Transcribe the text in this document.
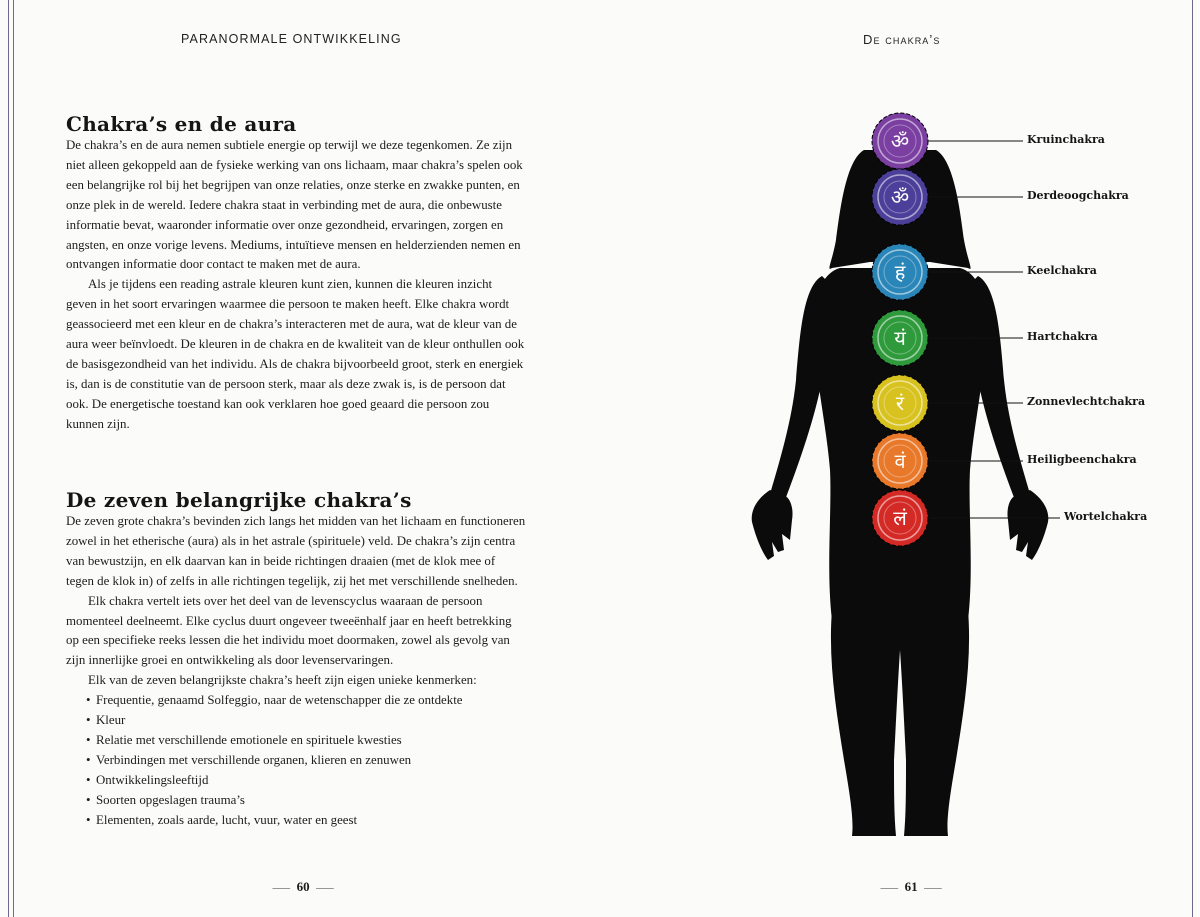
PARANORMALE ONTWIKKELING
Chakra’s en de aura

De chakra’s en de aura nemen subtiele energie op terwijl we deze tegenkomen. Ze zijn niet alleen gekoppeld aan de fysieke werking van ons lichaam, maar chakra’s spelen ook een belangrijke rol bij het begrijpen van onze relaties, onze sterke en zwakke punten, en onze plek in de wereld. Iedere chakra staat in verbinding met de aura, die onbewuste informatie bevat, waaronder informatie over onze gezondheid, ervaringen, zorgen en angsten, en onze vorige levens. Mediums, intuïtieve mensen en helderzienden nemen en ontvangen informatie door contact te maken met de aura.

Als je tijdens een reading astrale kleuren kunt zien, kunnen die kleuren inzicht geven in het soort ervaringen waarmee die persoon te maken heeft. Elke chakra wordt geassocieerd met een kleur en de chakra’s interacteren met de aura, wat de kleur van de aura weer beïnvloedt. De kleuren in de chakra en de kwaliteit van de kleur onthullen ook de basisgezondheid van het individu. Als de chakra bijvoorbeeld groot, sterk en energiek is, dan is de constitutie van de persoon sterk, maar als deze zwak is, is de persoon dat ook. De energetische toestand kan ook verklaren hoe goed geaard die persoon zou kunnen zijn.

De zeven belangrijke chakra’s

De zeven grote chakra’s bevinden zich langs het midden van het lichaam en functioneren zowel in het etherische (aura) als in het astrale (spirituele) veld. De chakra’s zijn centra van bewustzijn, en elk daarvan kan in beide richtingen draaien (met de klok mee of tegen de klok in) of zelfs in alle richtingen tegelijk, zij het met verschillende snelheden.

Elk chakra vertelt iets over het deel van de levenscyclus waaraan de persoon momenteel deelneemt. Elke cyclus duurt ongeveer tweeënhalf jaar en heeft betrekking op een specifieke reeks lessen die het individu moet doormaken, zowel als gevolg van zijn innerlijke groei en ontwikkeling als door levenservaringen.

Elk van de zeven belangrijkste chakra’s heeft zijn eigen unieke kenmerken:

• Frequentie, genaamd Solfeggio, naar de wetenschapper die ze ontdekte
• Kleur
• Relatie met verschillende emotionele en spirituele kwesties
• Verbindingen met verschillende organen, klieren en zenuwen
• Ontwikkelingsleeftijd
• Soorten opgeslagen trauma’s
• Elementen, zoals aarde, lucht, vuur, water en geest
⸺ 60 ⸺
De chakra’s
ॐ
ॐ
हं
यं
रं
वं
लं
Kruinchakra
Derdeoogchakra
Keelchakra
Hartchakra
Zonnevlechtchakra
Heiligbeenchakra
Wortelchakra
⸺ 61 ⸺
